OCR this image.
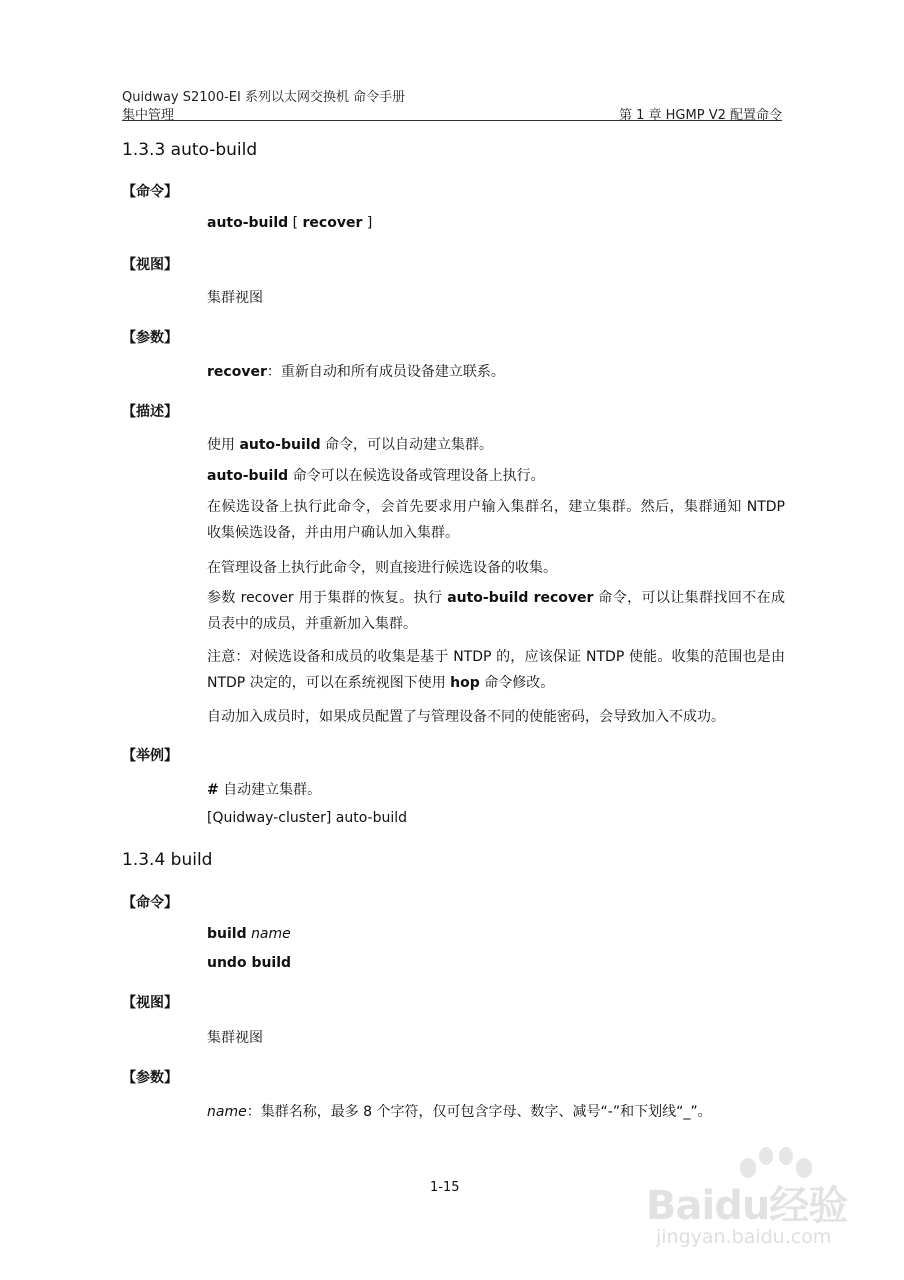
Quidway S2100-EI 系列以太网交换机 命令手册
集中管理	第 1 章 HGMP V2 配置命令
1.3.3 auto-build
【命令】
auto-build [ recover ]
【视图】
集群视图
【参数】
recover：重新自动和所有成员设备建立联系。
【描述】
使用 auto-build 命令，可以自动建立集群。
auto-build 命令可以在候选设备或管理设备上执行。
在候选设备上执行此命令，会首先要求用户输入集群名，建立集群。然后，集群通知 NTDP 收集候选设备，并由用户确认加入集群。
在管理设备上执行此命令，则直接进行候选设备的收集。
参数 recover 用于集群的恢复。执行 auto-build recover 命令，可以让集群找回不在成员表中的成员，并重新加入集群。
注意：对候选设备和成员的收集是基于 NTDP 的，应该保证 NTDP 使能。收集的范围也是由 NTDP 决定的，可以在系统视图下使用 hop 命令修改。
自动加入成员时，如果成员配置了与管理设备不同的使能密码，会导致加入不成功。
【举例】
# 自动建立集群。
[Quidway-cluster] auto-build
1.3.4 build
【命令】
build name
undo build
【视图】
集群视图
【参数】
name：集群名称，最多 8 个字符，仅可包含字母、数字、减号“-”和下划线“_”。
1-15	Baidu经验
jingyan.baidu.com
